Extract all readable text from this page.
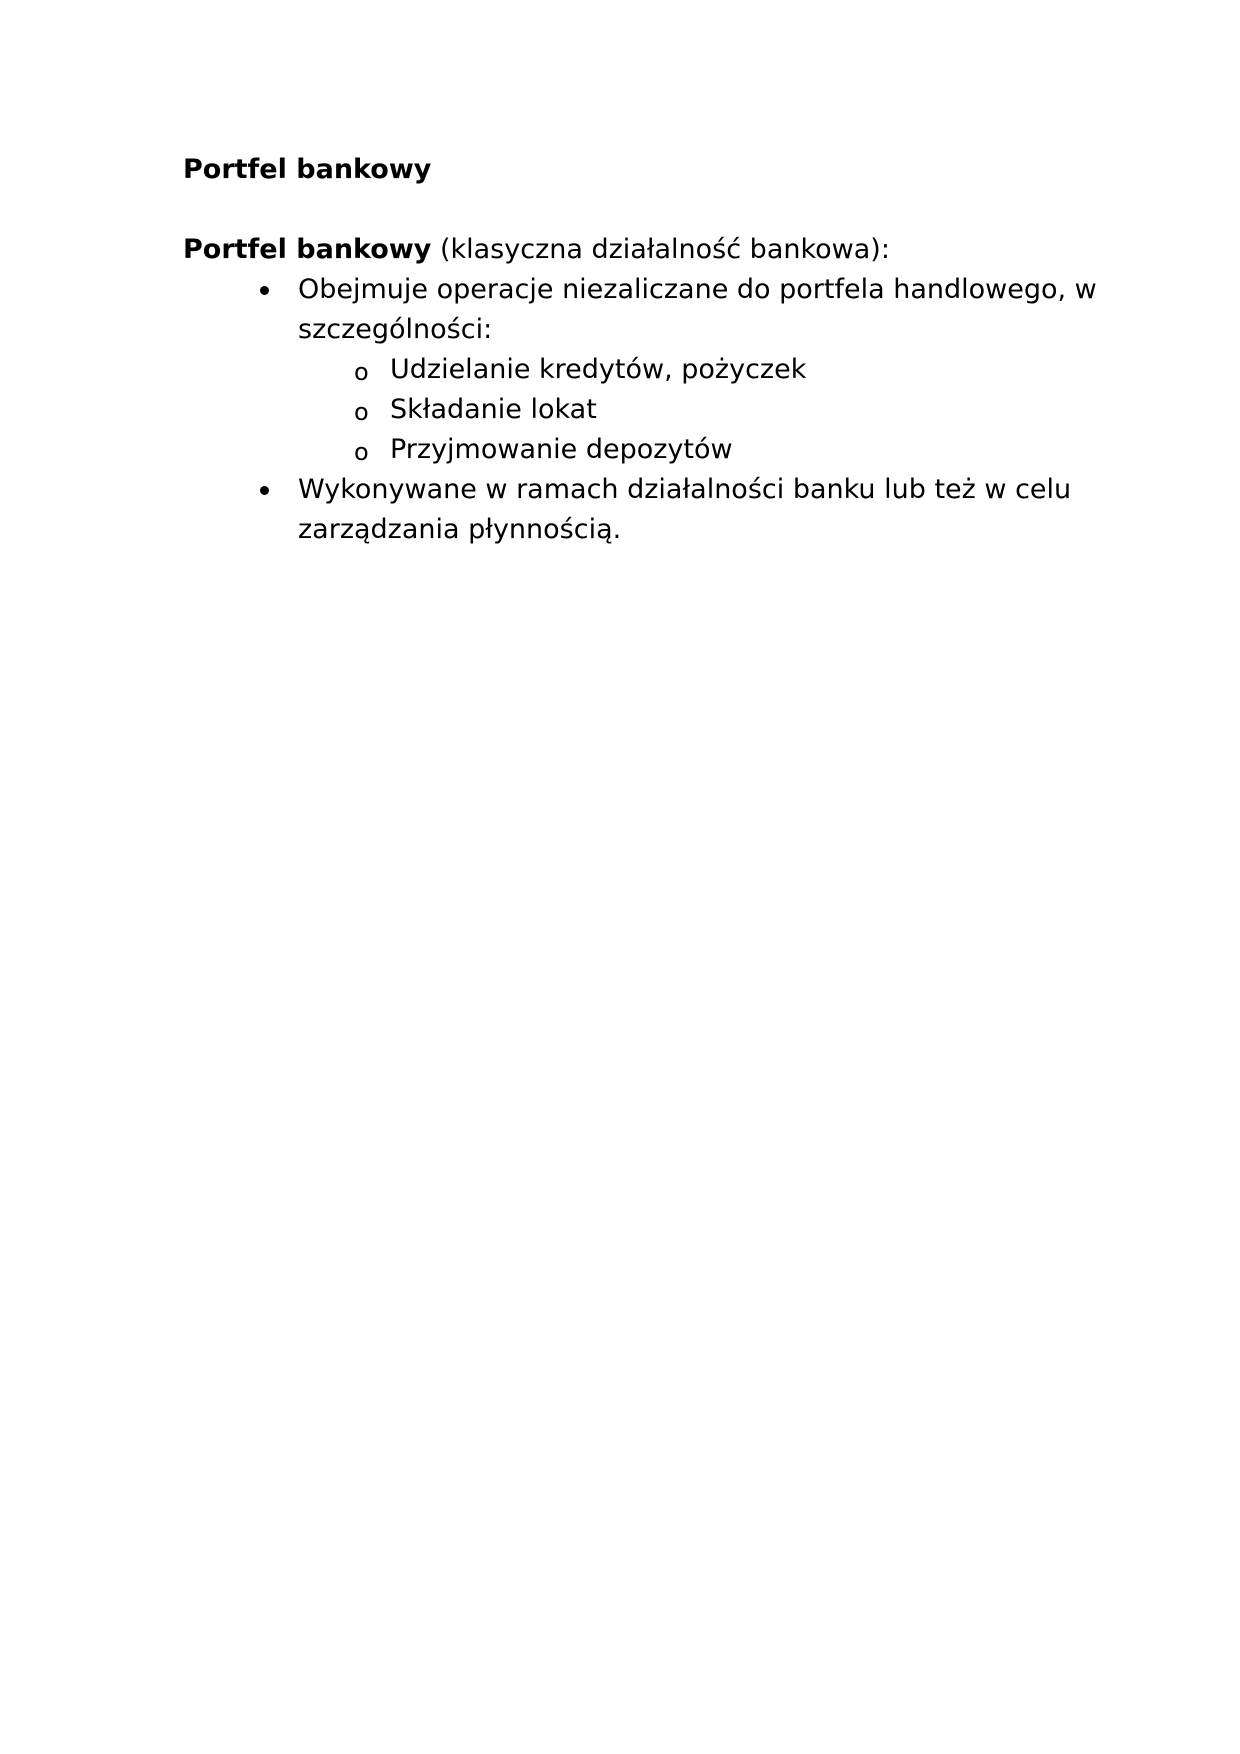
Portfel bankowy
Portfel bankowy (klasyczna działalność bankowa):
Obejmuje operacje niezaliczane do portfela handlowego, w szczególności:
o Udzielanie kredytów, pożyczek
o Składanie lokat
o Przyjmowanie depozytów
Wykonywane w ramach działalności banku lub też w celu zarządzania płynnością.
